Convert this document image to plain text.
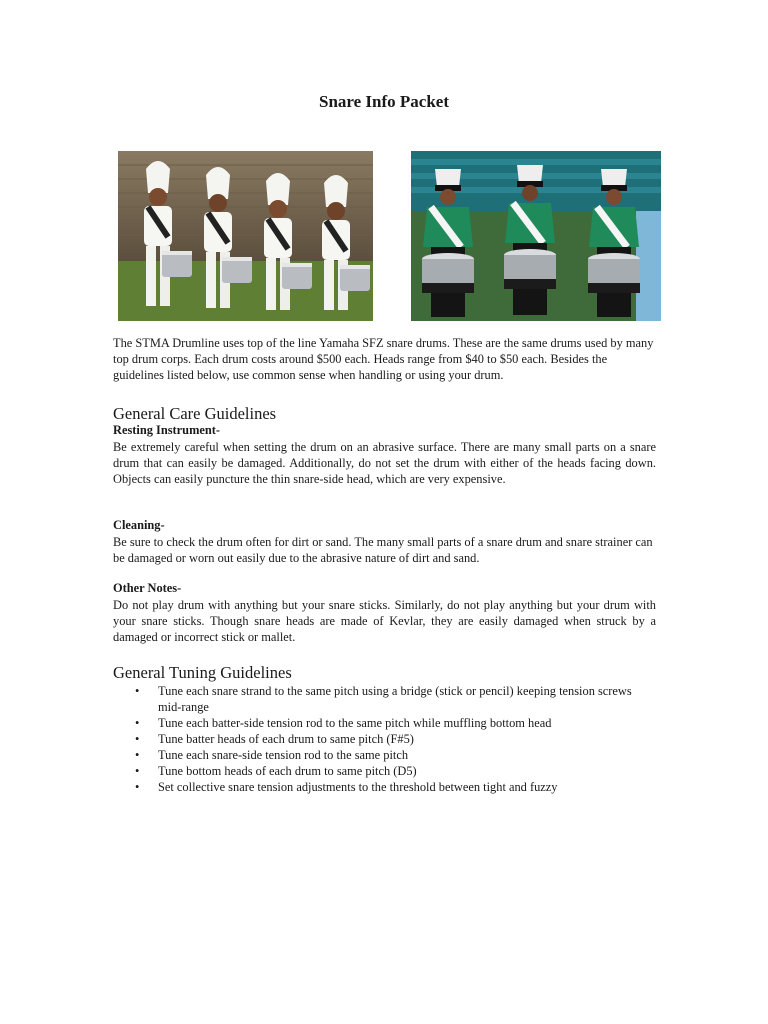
Snare Info Packet
The STMA Drumline uses top of the line Yamaha SFZ snare drums. These are the same drums used by many top drum corps. Each drum costs around $500 each. Heads range from $40 to $50 each. Besides the guidelines listed below, use common sense when handling or using your drum.
General Care Guidelines
Resting Instrument-
Be extremely careful when setting the drum on an abrasive surface. There are many small parts on a snare drum that can easily be damaged. Additionally, do not set the drum with either of the heads facing down. Objects can easily puncture the thin snare-side head, which are very expensive.
Cleaning-
Be sure to check the drum often for dirt or sand. The many small parts of a snare drum and snare strainer can be damaged or worn out easily due to the abrasive nature of dirt and sand.
Other Notes-
Do not play drum with anything but your snare sticks. Similarly, do not play anything but your drum with your snare sticks. Though snare heads are made of Kevlar, they are easily damaged when struck by a damaged or incorrect stick or mallet.
General Tuning Guidelines
• Tune each snare strand to the same pitch using a bridge (stick or pencil) keeping tension screws mid-range
• Tune each batter-side tension rod to the same pitch while muffling bottom head
• Tune batter heads of each drum to same pitch (F#5)
• Tune each snare-side tension rod to the same pitch
• Tune bottom heads of each drum to same pitch (D5)
• Set collective snare tension adjustments to the threshold between tight and fuzzy
